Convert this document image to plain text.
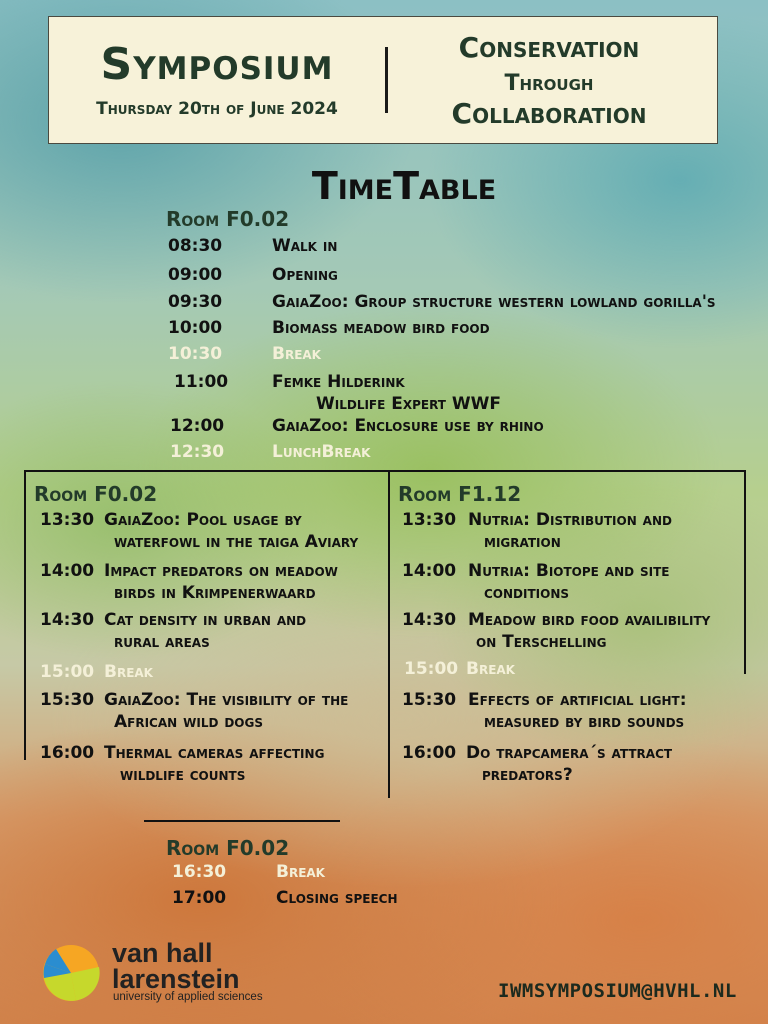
Symposium
Thursday 20th of June 2024
Conservation
Through
Collaboration
TimeTable
Room F0.02
08:30	Walk in
09:00	Opening
09:30	GaiaZoo: Group structure western lowland gorilla's
10:00	Biomass meadow bird food
10:30	Break
11:00	Femke Hilderink
Wildlife Expert WWF
12:00	GaiaZoo: Enclosure use by rhino
12:30	LunchBreak
Room F0.02
13:30 GaiaZoo: Pool usage by
waterfowl in the taiga Aviary
14:00 Impact predators on meadow
birds in Krimpenerwaard
14:30 Cat density in urban and
rural areas
15:00 Break
15:30 GaiaZoo: The visibility of the
African wild dogs
16:00 Thermal cameras affecting
wildlife counts
Room F1.12
13:30 Nutria: Distribution and
migration
14:00 Nutria: Biotope and site
conditions
14:30 Meadow bird food availibility
on Terschelling
15:00 Break
15:30 Effects of artificial light:
measured by bird sounds
16:00 Do trapcamera´s attract
predators?
Room F0.02
16:30	Break
17:00	Closing speech
van hall
larenstein
university of applied sciences	IWMSYMPOSIUM@HVHL.NL
